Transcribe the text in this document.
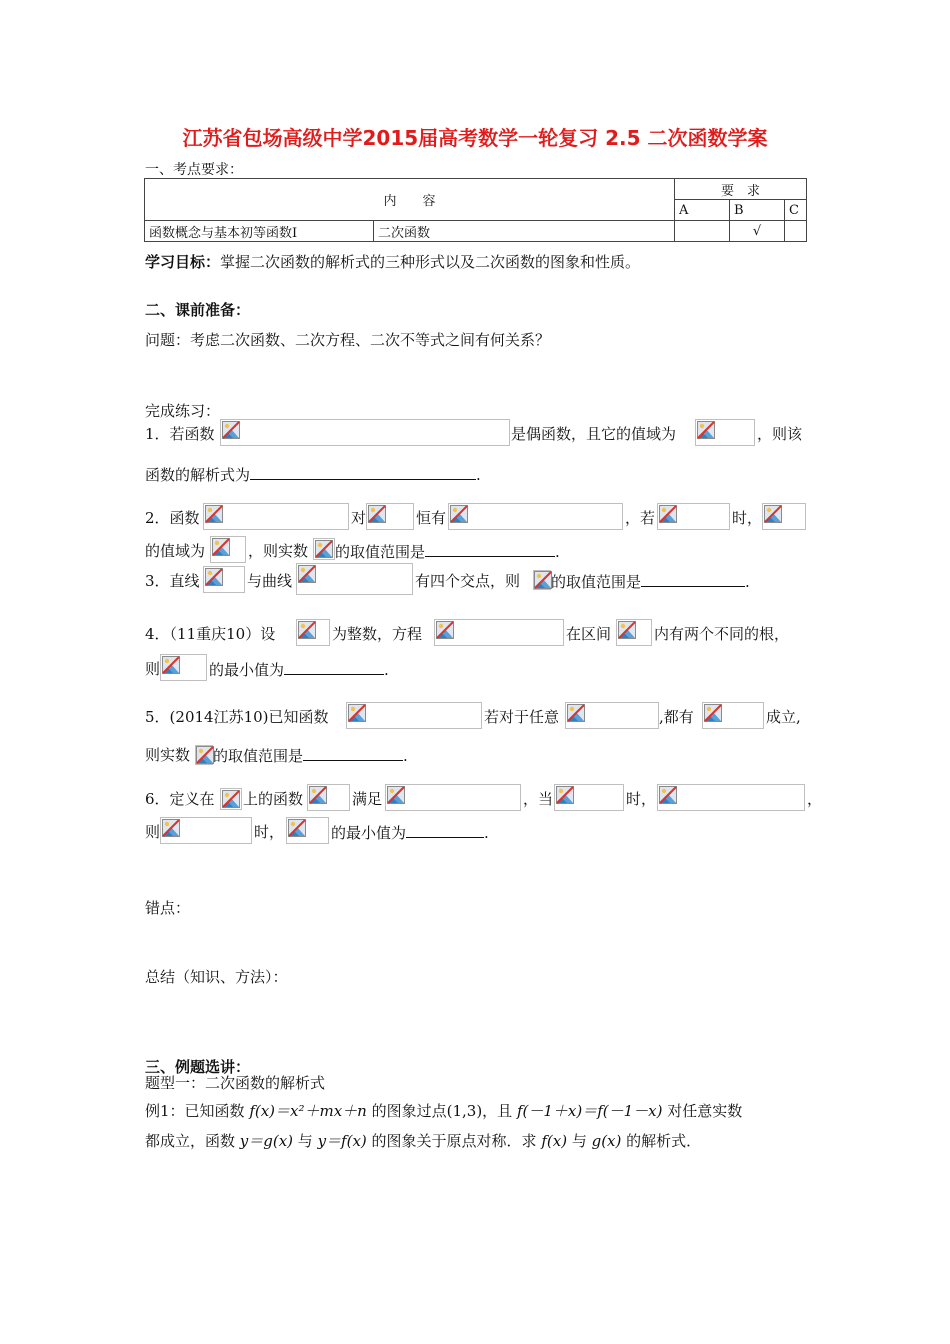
江苏省包场高级中学2015届高考数学一轮复习 2.5 二次函数学案
一、考点要求：
内　　容		要　求		
		A	B	C
函数概念与基本初等函数Ⅰ	二次函数		√	
学习目标：掌握二次函数的解析式的三种形式以及二次函数的图象和性质。
二、课前准备：
问题：考虑二次函数、二次方程、二次不等式之间有何关系？
完成练习：
1．若函数	是偶函数，且它的值域为	，则该
函数的解析式为	.
2．函数	对	恒有	，若	时，
的值域为	，则实数 的取值范围是	.
3．直线	与曲线	有四个交点，则 的取值范围是	.
4．（11重庆10）设	为整数，方程	在区间	内有两个不同的根，
则	的最小值为	.
5．(2014江苏10)已知函数	若对于任意	,都有	成立,
则实数 的取值范围是	.
6．定义在 上的函数	满足	，当	时，	，
则	时，	的最小值为	.
错点：
总结（知识、方法）：
三、例题选讲：
题型一：二次函数的解析式
例1：已知函数 f(x)＝x²＋mx＋n 的图象过点(1,3)，且 f(－1＋x)＝f(－1－x) 对任意实数
都成立，函数 y＝g(x) 与 y＝f(x) 的图象关于原点对称．求 f(x) 与 g(x) 的解析式．
